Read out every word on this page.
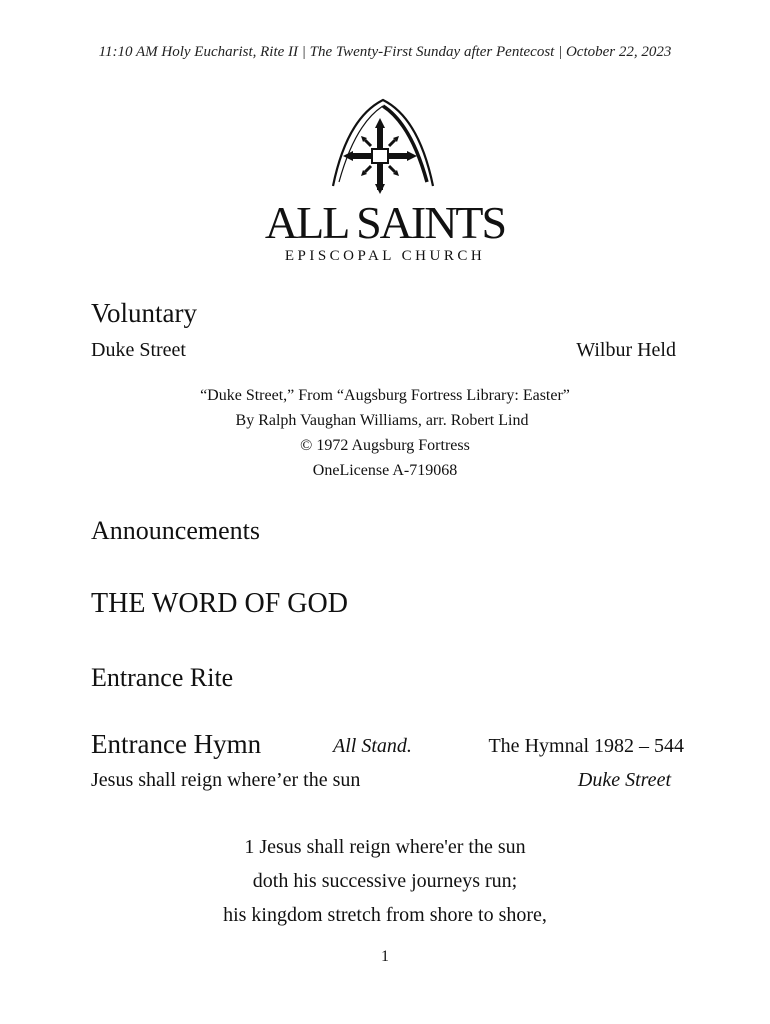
11:10 AM Holy Eucharist, Rite II | The Twenty-First Sunday after Pentecost | October 22, 2023
ALL SAINTS
EPISCOPAL CHURCH
Voluntary
Duke Street	Wilbur Held
“Duke Street,” From “Augsburg Fortress Library: Easter”
By Ralph Vaughan Williams, arr. Robert Lind
© 1972 Augsburg Fortress
OneLicense A-719068
Announcements
THE WORD OF GOD
Entrance Rite
Entrance Hymn	All Stand.	The Hymnal 1982 – 544
Jesus shall reign where’er the sun	Duke Street
1 Jesus shall reign where'er the sun
doth his successive journeys run;
his kingdom stretch from shore to shore,
1
